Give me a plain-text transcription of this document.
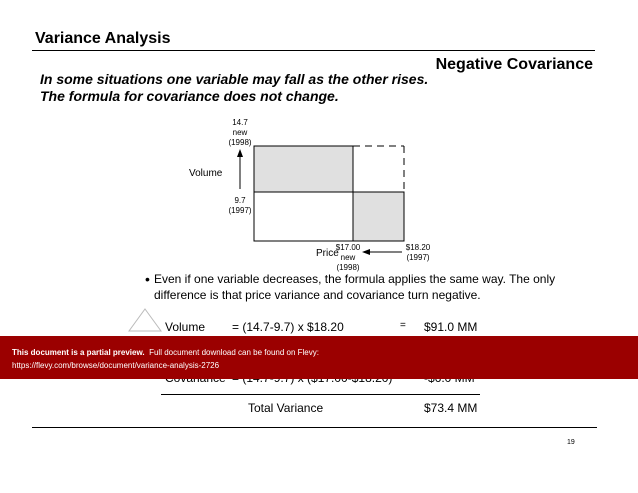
Variance Analysis
Negative Covariance
In some situations one variable may fall as the other rises.
The formula for covariance does not change.
14.7
new
(1998)
Volume
9.7
(1997)
Price
$17.00
new
(1998)
$18.20
(1997)
• Even if one variable decreases, the formula applies the same way. The only difference is that price variance and covariance turn negative.
Volume = (14.7-9.7) x $18.20	= $91.0 MM
Total Variance	$73.4 MM
This document is a partial preview. Full document download can be found on Flevy:
https://flevy.com/browse/document/variance-analysis-2726
19
